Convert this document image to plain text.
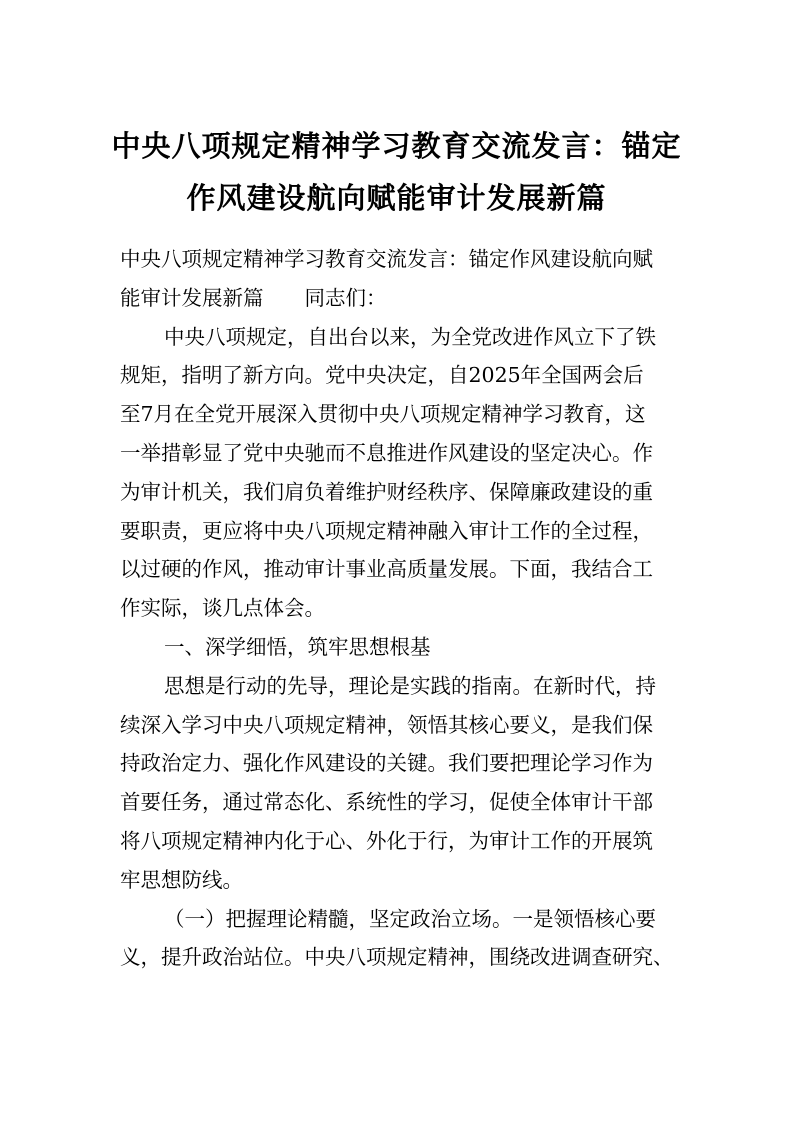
中央八项规定精神学习教育交流发言：锚定
作风建设航向赋能审计发展新篇
中央八项规定精神学习教育交流发言：锚定作风建设航向赋
能审计发展新篇　　同志们：
中央八项规定，自出台以来，为全党改进作风立下了铁
规矩，指明了新方向。党中央决定，自2025年全国两会后
至7月在全党开展深入贯彻中央八项规定精神学习教育，这
一举措彰显了党中央驰而不息推进作风建设的坚定决心。作
为审计机关，我们肩负着维护财经秩序、保障廉政建设的重
要职责，更应将中央八项规定精神融入审计工作的全过程，
以过硬的作风，推动审计事业高质量发展。下面，我结合工
作实际，谈几点体会。
一、深学细悟，筑牢思想根基
思想是行动的先导，理论是实践的指南。在新时代，持
续深入学习中央八项规定精神，领悟其核心要义，是我们保
持政治定力、强化作风建设的关键。我们要把理论学习作为
首要任务，通过常态化、系统性的学习，促使全体审计干部
将八项规定精神内化于心、外化于行，为审计工作的开展筑
牢思想防线。
（一）把握理论精髓，坚定政治立场。一是领悟核心要
义，提升政治站位。中央八项规定精神，围绕改进调查研究、
